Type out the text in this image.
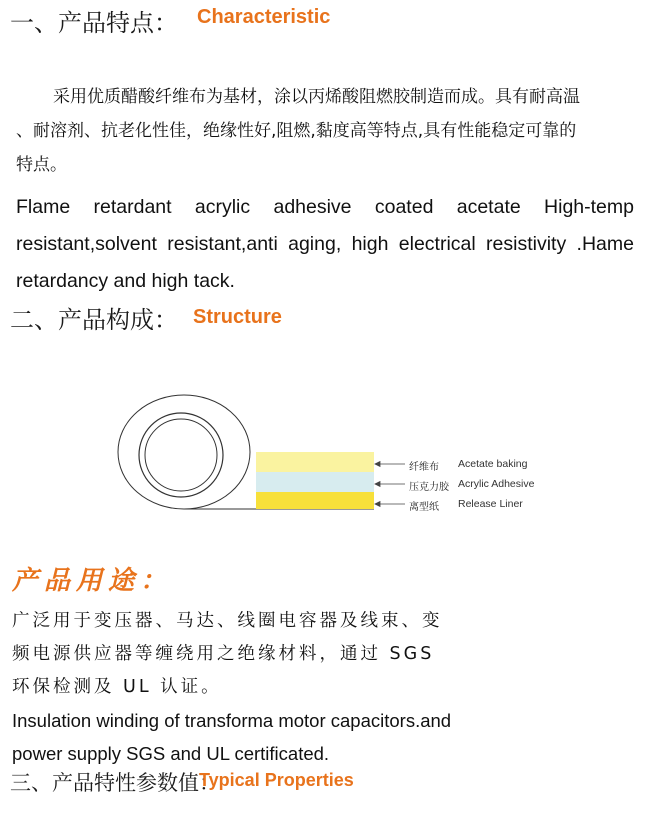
一、产品特点： Characteristic
采用优质醋酸纤维布为基材，涂以丙烯酸阻燃胶制造而成。具有耐高温
、耐溶剂、抗老化性佳，绝缘性好,阻燃,黏度高等特点,具有性能稳定可靠的
特点。
Flame retardant acrylic adhesive coated acetate High-temp
resistant,solvent resistant,anti aging, high electrical resistivity .Hame
retardancy and high tack.
二、产品构成： Structure
纤维布 Acetate baking
压克力胶 Acrylic Adhesive
离型纸 Release Liner
产品用途：
广泛用于变压器、马达、线圈电容器及线束、变
频电源供应器等缠绕用之绝缘材料，通过 SGS
环保检测及 UL 认证。
Insulation winding of transforma motor capacitors.and
power supply SGS and UL certificated.
三、产品特性参数值：
Typical Properties
